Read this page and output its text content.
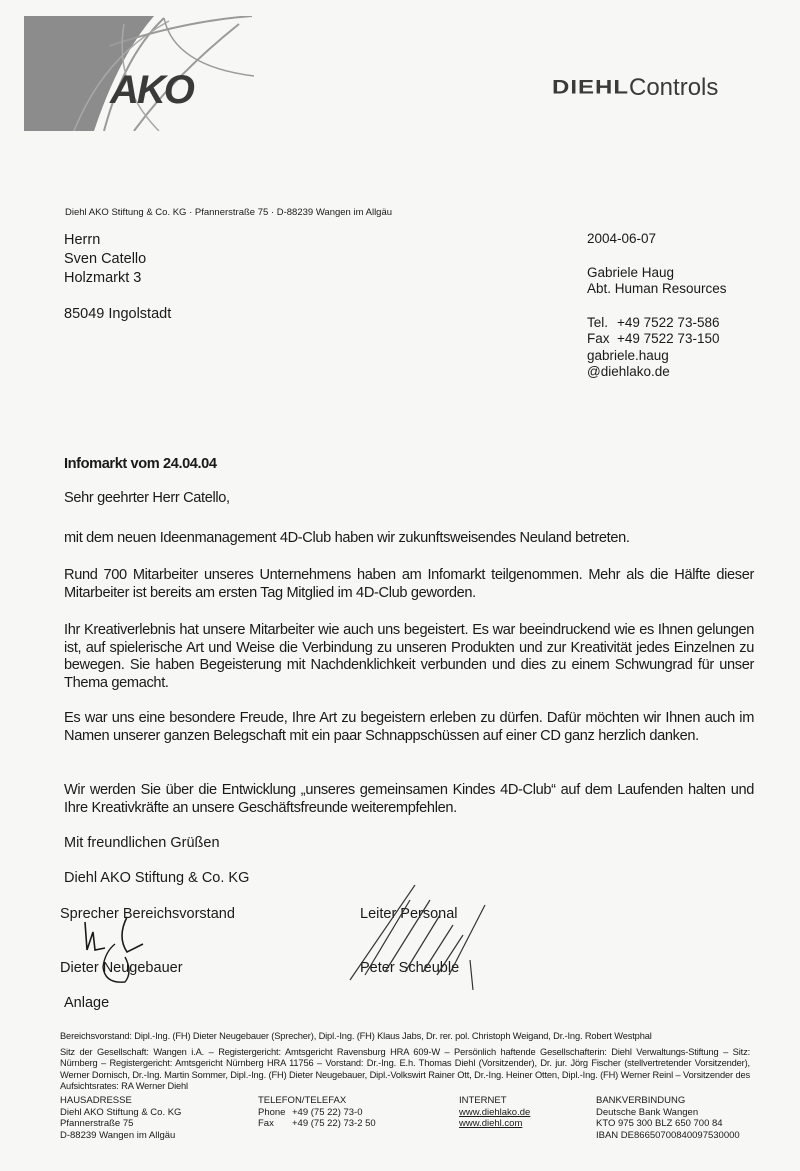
AKO	DIEHLControls
Diehl AKO Stiftung & Co. KG · Pfannerstraße 75 · D-88239 Wangen im Allgäu
Herrn
Sven Catello
Holzmarkt 3
85049 Ingolstadt
2004-06-07
Gabriele Haug
Abt. Human Resources
Tel. +49 7522 73-586
Fax +49 7522 73-150
gabriele.haug
@diehlako.de
Infomarkt vom 24.04.04
Sehr geehrter Herr Catello,
mit dem neuen Ideenmanagement 4D-Club haben wir zukunftsweisendes Neuland betreten.
Rund 700 Mitarbeiter unseres Unternehmens haben am Infomarkt teilgenommen. Mehr als die Hälfte dieser Mitarbeiter ist bereits am ersten Tag Mitglied im 4D-Club geworden.
Ihr Kreativerlebnis hat unsere Mitarbeiter wie auch uns begeistert. Es war beeindruckend wie es Ihnen gelungen ist, auf spielerische Art und Weise die Verbindung zu unseren Produkten und zur Kreativität jedes Einzelnen zu bewegen. Sie haben Begeisterung mit Nachdenklichkeit verbunden und dies zu einem Schwungrad für unser Thema gemacht.
Es war uns eine besondere Freude, Ihre Art zu begeistern erleben zu dürfen. Dafür möchten wir Ihnen auch im Namen unserer ganzen Belegschaft mit ein paar Schnappschüssen auf einer CD ganz herzlich danken.
Wir werden Sie über die Entwicklung „unseres gemeinsamen Kindes 4D-Club“ auf dem Laufenden halten und Ihre Kreativkräfte an unsere Geschäftsfreunde weiterempfehlen.
Mit freundlichen Grüßen
Diehl AKO Stiftung & Co. KG
Sprecher Bereichsvorstand
Dieter Neugebauer
Leiter Personal
Peter Scheuble
Anlage
Bereichsvorstand: Dipl.-Ing. (FH) Dieter Neugebauer (Sprecher), Dipl.-Ing. (FH) Klaus Jabs, Dr. rer. pol. Christoph Weigand, Dr.-Ing. Robert Westphal
Sitz der Gesellschaft: Wangen i.A. – Registergericht: Amtsgericht Ravensburg HRA 609-W – Persönlich haftende Gesellschafterin: Diehl Verwaltungs-Stiftung – Sitz: Nürnberg – Registergericht: Amtsgericht Nürnberg HRA 11756 – Vorstand: Dr.-Ing. E.h. Thomas Diehl (Vorsitzender), Dr. jur. Jörg Fischer (stellvertretender Vorsitzender), Werner Dornisch, Dr.-Ing. Martin Sommer, Dipl.-Ing. (FH) Dieter Neugebauer, Dipl.-Volkswirt Rainer Ott, Dr.-Ing. Heiner Otten, Dipl.-Ing. (FH) Werner Reinl – Vorsitzender des Aufsichtsrates: RA Werner Diehl
HAUSADRESSE
Diehl AKO Stiftung & Co. KG
Pfannerstraße 75
D-88239 Wangen im Allgäu
TELEFON/TELEFAX
Phone +49 (75 22) 73-0
Fax +49 (75 22) 73-2 50
INTERNET
www.diehlako.de
www.diehl.com
BANKVERBINDUNG
Deutsche Bank Wangen
KTO 975 300 BLZ 650 700 84
IBAN DE86650700840097530000
